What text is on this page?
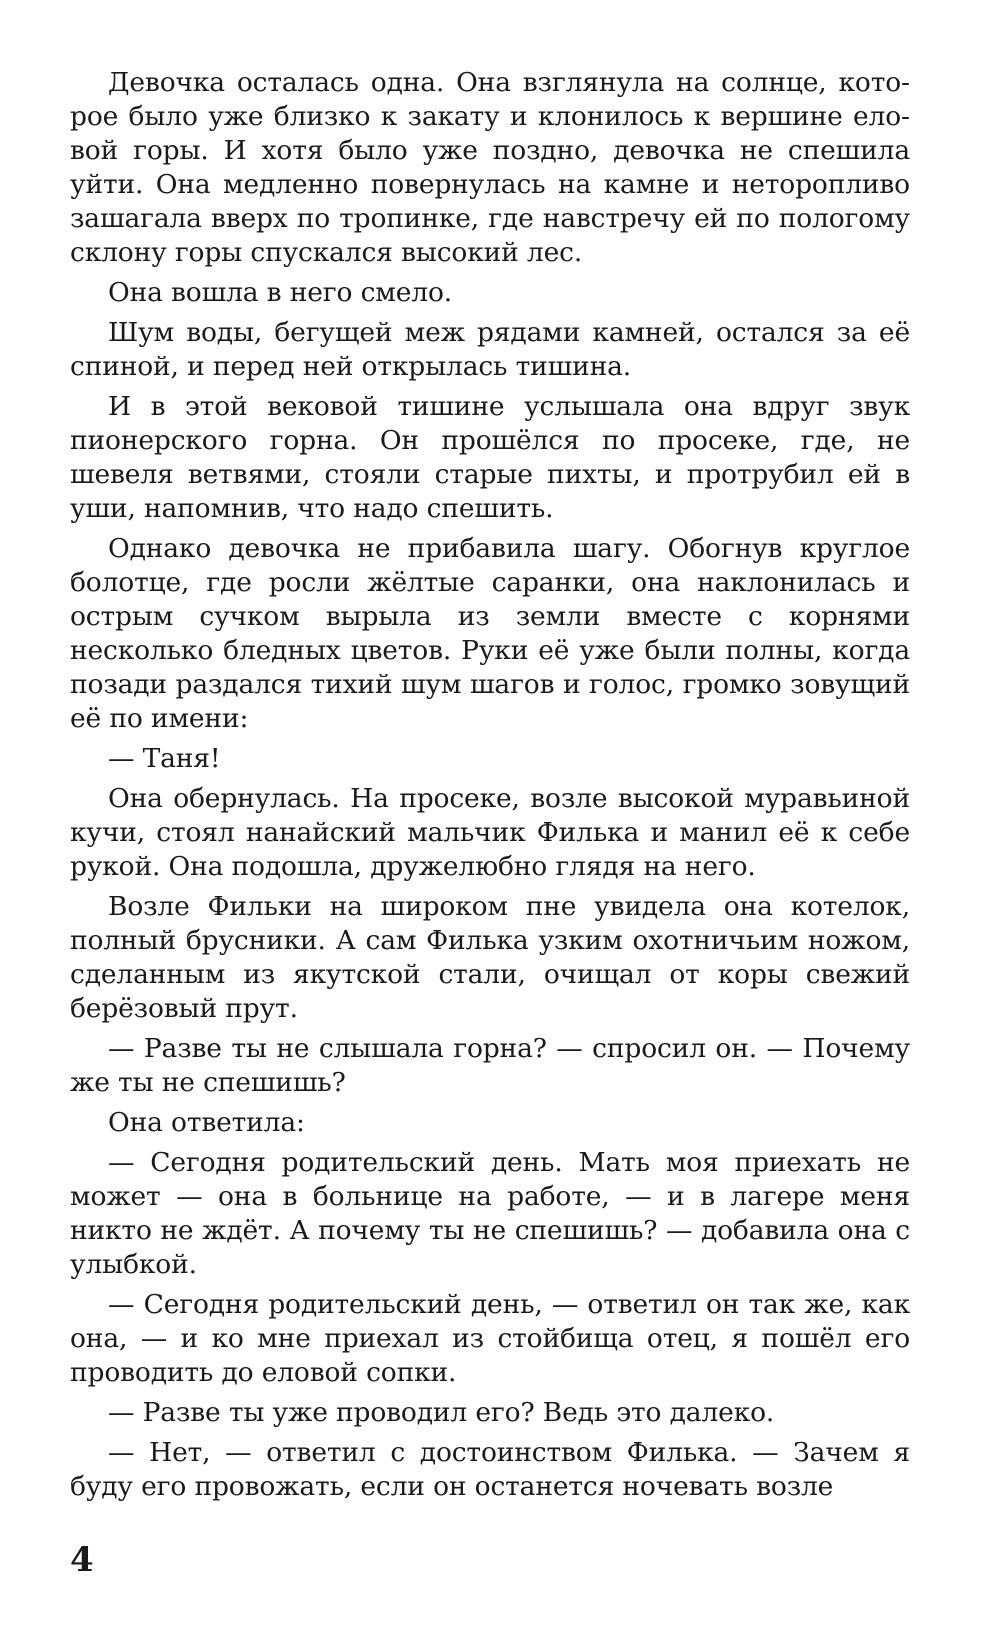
Девочка осталась одна. Она взглянула на солнце, которое было уже близко к закату и клонилось к вершине еловой горы. И хотя было уже поздно, девочка не спешила уйти. Она медленно повернулась на камне и неторопливо зашагала вверх по тропинке, где навстречу ей по пологому склону горы спускался высокий лес.

Она вошла в него смело.

Шум воды, бегущей меж рядами камней, остался за её спиной, и перед ней открылась тишина.

И в этой вековой тишине услышала она вдруг звук пионерского горна. Он прошёлся по просеке, где, не шевеля ветвями, стояли старые пихты, и протрубил ей в уши, напомнив, что надо спешить.

Однако девочка не прибавила шагу. Обогнув круглое болотце, где росли жёлтые саранки, она наклонилась и острым сучком вырыла из земли вместе с корнями несколько бледных цветов. Руки её уже были полны, когда позади раздался тихий шум шагов и голос, громко зовущий её по имени:

— Таня!

Она обернулась. На просеке, возле высокой муравьиной кучи, стоял нанайский мальчик Филька и манил её к себе рукой. Она подошла, дружелюбно глядя на него.

Возле Фильки на широком пне увидела она котелок, полный брусники. А сам Филька узким охотничьим ножом, сделанным из якутской стали, очищал от коры свежий берёзовый прут.

— Разве ты не слышала горна? — спросил он. — Почему же ты не спешишь?

Она ответила:

— Сегодня родительский день. Мать моя приехать не может — она в больнице на работе, — и в лагере меня никто не ждёт. А почему ты не спешишь? — добавила она с улыбкой.

— Сегодня родительский день, — ответил он так же, как она, — и ко мне приехал из стойбища отец, я пошёл его проводить до еловой сопки.

— Разве ты уже проводил его? Ведь это далеко.

— Нет, — ответил с достоинством Филька. — Зачем я буду его провожать, если он останется ночевать возле

4
